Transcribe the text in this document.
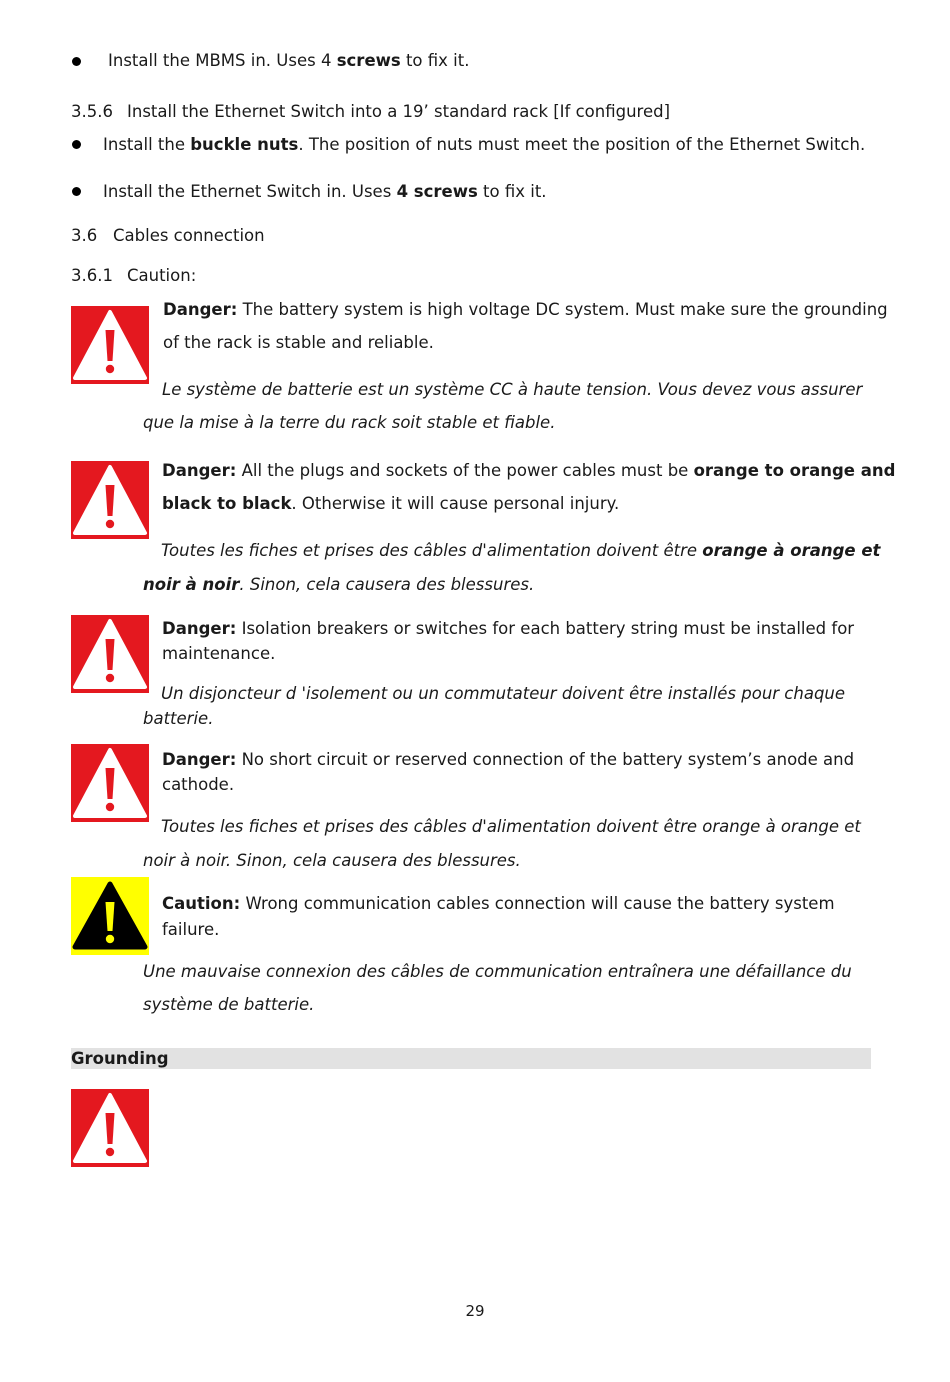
Install the MBMS in. Uses 4 screws to fix it.
3.5.6 Install the Ethernet Switch into a 19’ standard rack [If configured]
Install the buckle nuts. The position of nuts must meet the position of the Ethernet Switch.
Install the Ethernet Switch in. Uses 4 screws to fix it.
3.6 Cables connection
3.6.1 Caution:
Danger: The battery system is high voltage DC system. Must make sure the grounding
of the rack is stable and reliable.
Le système de batterie est un système CC à haute tension. Vous devez vous assurer
que la mise à la terre du rack soit stable et fiable.
Danger: All the plugs and sockets of the power cables must be orange to orange and
black to black. Otherwise it will cause personal injury.
Toutes les fiches et prises des câbles d'alimentation doivent être orange à orange et
noir à noir. Sinon, cela causera des blessures.
Danger: Isolation breakers or switches for each battery string must be installed for
maintenance.
Un disjoncteur d 'isolement ou un commutateur doivent être installés pour chaque
batterie.
Danger: No short circuit or reserved connection of the battery system’s anode and
cathode.
Toutes les fiches et prises des câbles d'alimentation doivent être orange à orange et
noir à noir. Sinon, cela causera des blessures.
Caution: Wrong communication cables connection will cause the battery system
failure.
Une mauvaise connexion des câbles de communication entraînera une défaillance du
système de batterie.
Grounding
29
